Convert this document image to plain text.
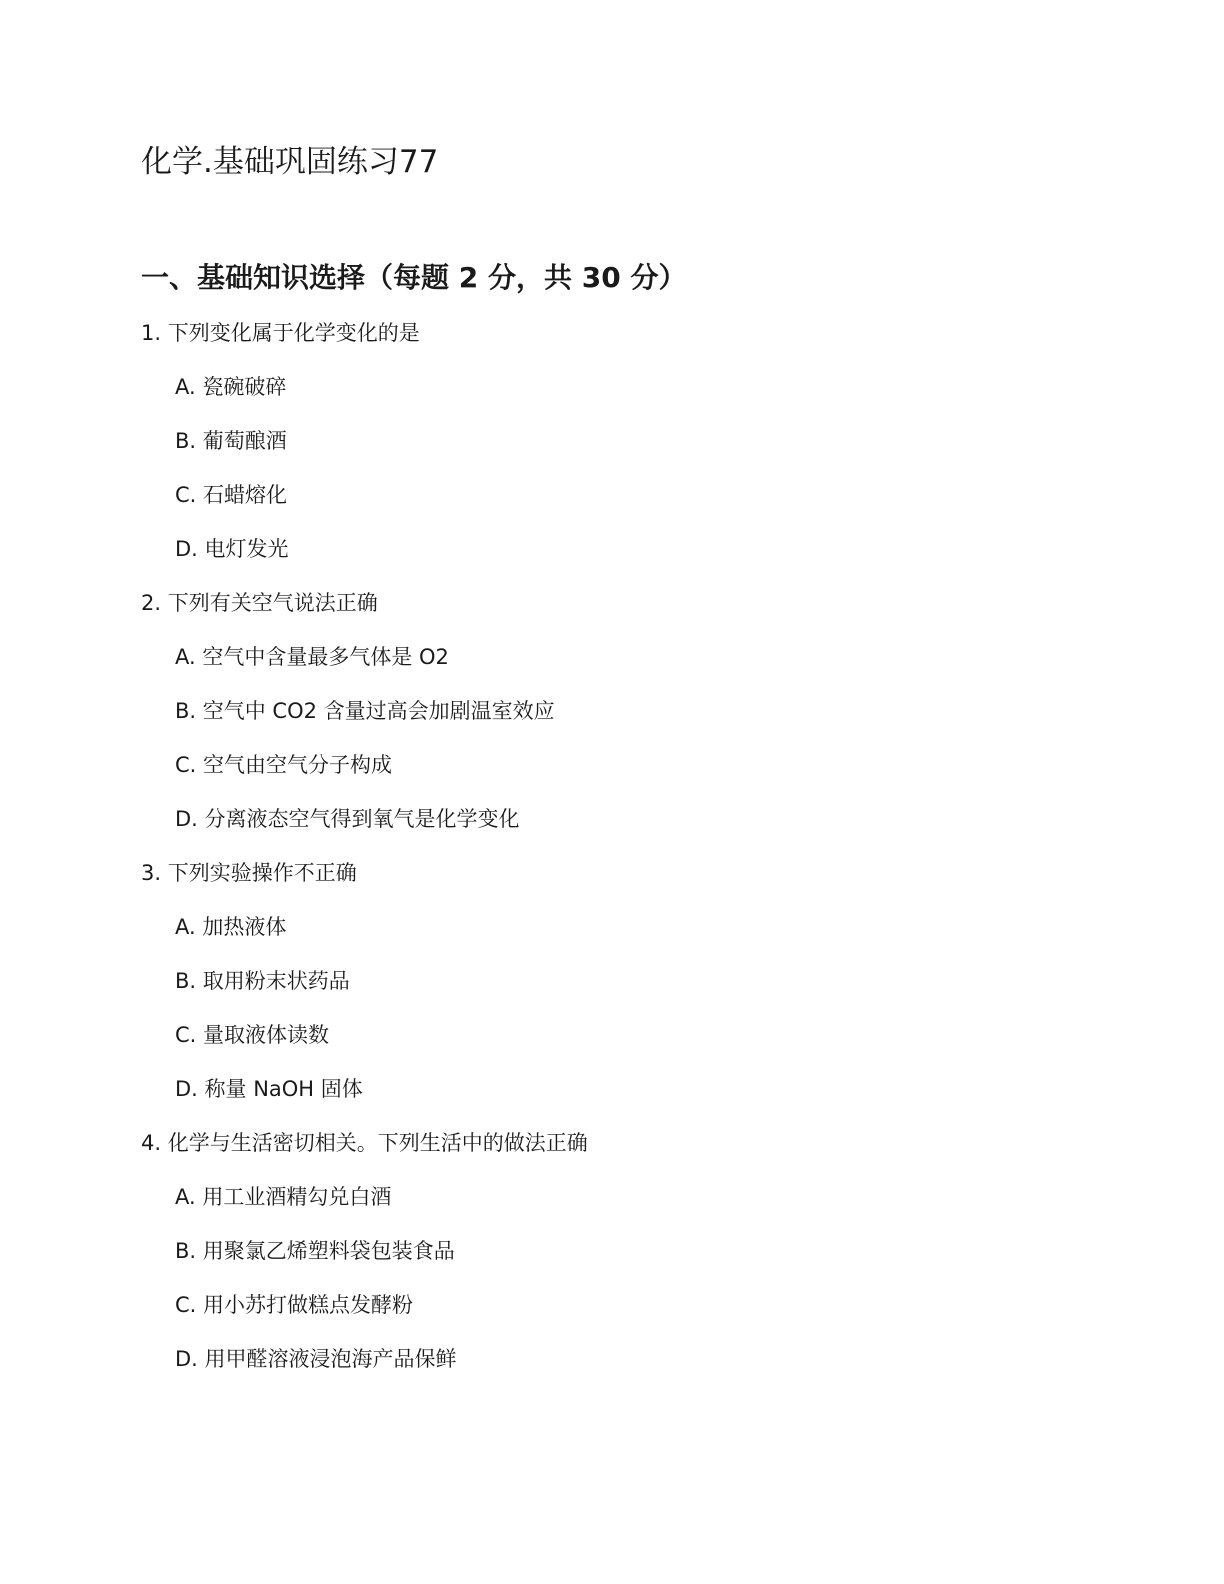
化学.基础巩固练习77
一、基础知识选择（每题 2 分，共 30 分）
1. 下列变化属于化学变化的是
A. 瓷碗破碎
B. 葡萄酿酒
C. 石蜡熔化
D. 电灯发光
2. 下列有关空气说法正确
A. 空气中含量最多气体是 O2
B. 空气中 CO2 含量过高会加剧温室效应
C. 空气由空气分子构成
D. 分离液态空气得到氧气是化学变化
3. 下列实验操作不正确
A. 加热液体
B. 取用粉末状药品
C. 量取液体读数
D. 称量 NaOH 固体
4. 化学与生活密切相关。下列生活中的做法正确
A. 用工业酒精勾兑白酒
B. 用聚氯乙烯塑料袋包装食品
C. 用小苏打做糕点发酵粉
D. 用甲醛溶液浸泡海产品保鲜
